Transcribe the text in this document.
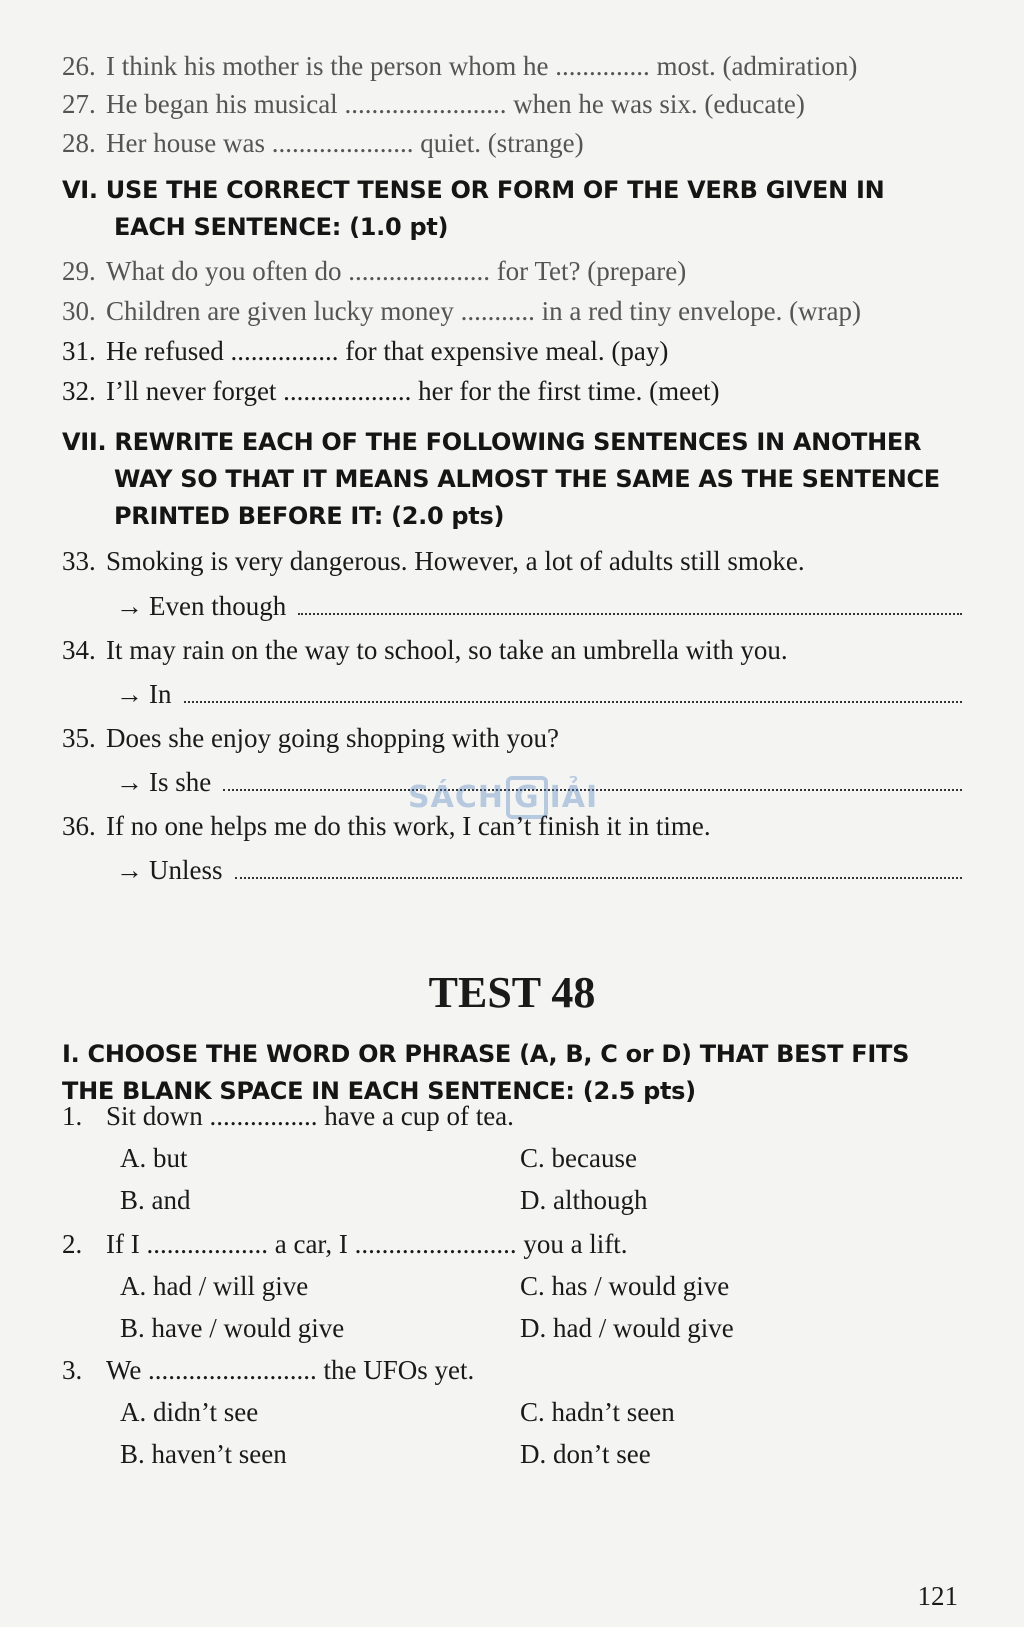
26. I think his mother is the person whom he .............. most. (admiration)
27. He began his musical ........................ when he was six. (educate)
28. Her house was ..................... quiet. (strange)
VI. USE THE CORRECT TENSE OR FORM OF THE VERB GIVEN IN
EACH SENTENCE: (1.0 pt)
29. What do you often do ..................... for Tet? (prepare)
30. Children are given lucky money ........... in a red tiny envelope. (wrap)
31. He refused ................ for that expensive meal. (pay)
32. I’ll never forget ................... her for the first time. (meet)
VII. REWRITE EACH OF THE FOLLOWING SENTENCES IN ANOTHER
WAY SO THAT IT MEANS ALMOST THE SAME AS THE SENTENCE
PRINTED BEFORE IT: (2.0 pts)
33. Smoking is very dangerous. However, a lot of adults still smoke.
→ Even though
34. It may rain on the way to school, so take an umbrella with you.
→ In
35. Does she enjoy going shopping with you?
→ Is she	SÁCH G IẢI
36. If no one helps me do this work, I can’t finish it in time.
→ Unless
TEST 48
I. CHOOSE THE WORD OR PHRASE (A, B, C or D) THAT BEST FITS
THE BLANK SPACE IN EACH SENTENCE: (2.5 pts)
1. Sit down ................ have a cup of tea.
A. but	C. because
B. and	D. although
2. If I .................. a car, I ........................ you a lift.
A. had / will give	C. has / would give
B. have / would give	D. had / would give
3. We ......................... the UFOs yet.
A. didn’t see	C. hadn’t seen
B. haven’t seen	D. don’t see
121
